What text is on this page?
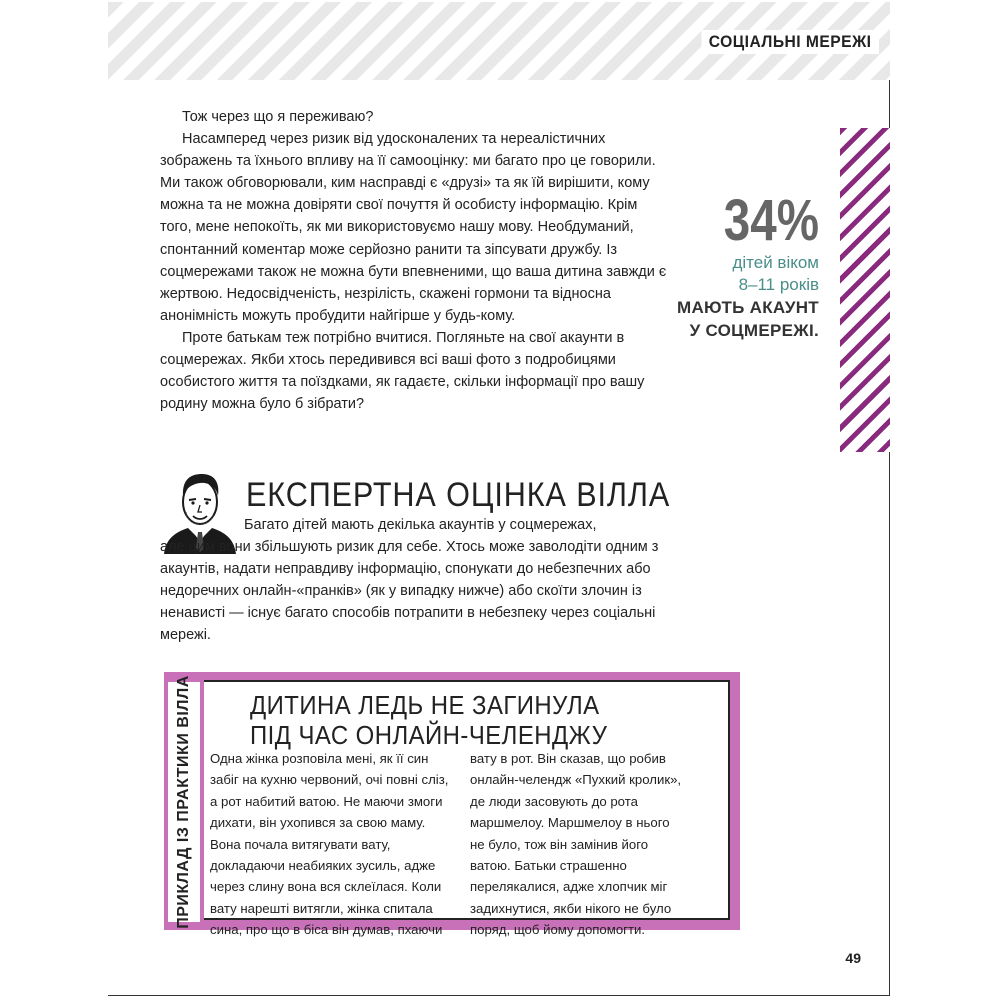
СОЦІАЛЬНІ МЕРЕЖІ

Тож через що я переживаю?

Насамперед через ризик від удосконалених та нереалістичних зображень та їхнього впливу на її самооцінку: ми багато про це говорили. Ми також обговорювали, ким насправді є «друзі» та як їй вирішити, кому можна та не можна довіряти свої почуття й особисту інформацію. Крім того, мене непокоїть, як ми використовуємо нашу мову. Необдуманий, спонтанний коментар може серйозно ранити та зіпсувати дружбу. Із соцмережами також не можна бути впевненими, що ваша дитина завжди є жертвою. Недосвідченість, незрілість, скажені гормони та відносна анонімність можуть пробудити найгірше у будь-кому.

Проте батькам теж потрібно вчитися. Погляньте на свої акаунти в соцмережах. Якби хтось передивився всі ваші фото з подробицями особистого життя та поїздками, як гадаєте, скільки інформації про вашу родину можна було б зібрати?

34%
дітей віком
8–11 років
МАЮТЬ АКАУНТ
У СОЦМЕРЕЖІ.
ЕКСПЕРТНА ОЦІНКА ВІЛЛА
Багато дітей мають декілька акаунтів у соцмережах,
але цим вони збільшують ризик для себе. Хтось може заволодіти одним з акаунтів, надати неправдиву інформацію, спонукати до небезпечних або недоречних онлайн-«пранків» (як у випадку нижче) або скоїти злочин із ненависті — існує багато способів потрапити в небезпеку через соціальні мережі.
ПРИКЛАД ІЗ ПРАКТИКИ ВІЛЛА ДИТИНА ЛЕДЬ НЕ ЗАГИНУЛА
ПІД ЧАС ОНЛАЙН-ЧЕЛЕНДЖУ
Одна жінка розповіла мені, як її син забіг на кухню червоний, очі повні сліз, а рот набитий ватою. Не маючи змоги дихати, він ухопився за свою маму. Вона почала витягувати вату, докладаючи неабияких зусиль, адже через слину вона вся склеїлася. Коли вату нарешті витягли, жінка спитала сина, про що в біса він думав, пхаючи
вату в рот. Він сказав, що робив онлайн-челендж «Пухкий кролик», де люди засовують до рота маршмелоу. Маршмелоу в нього не було, тож він замінив його ватою. Батьки страшенно перелякалися, адже хлопчик міг задихнутися, якби нікого не було поряд, щоб йому допомогти.
49
